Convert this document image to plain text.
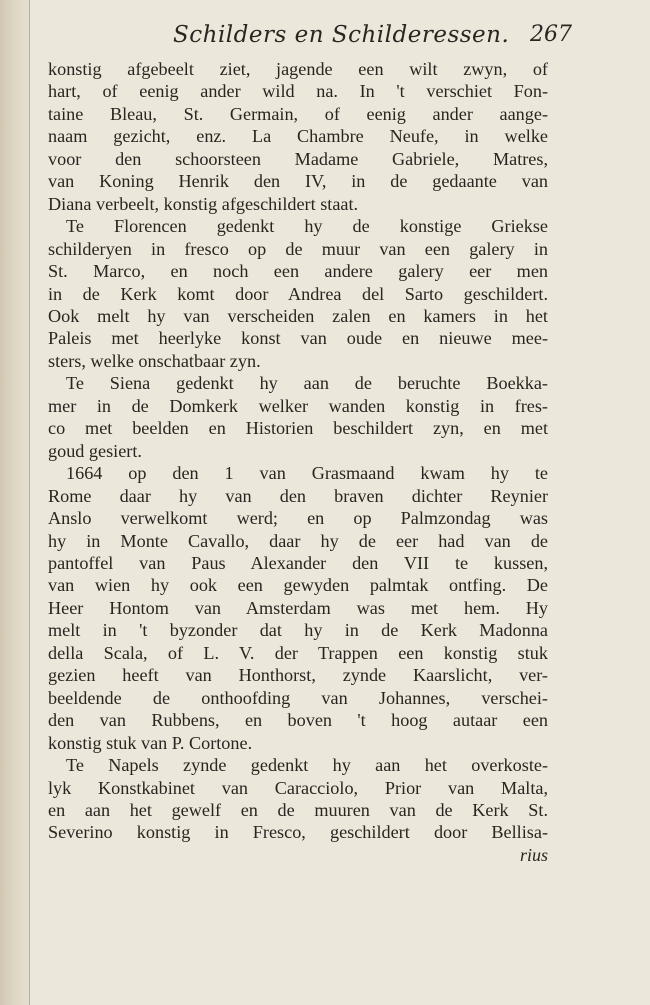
Schilders en Schilderessen. 267
konstig afgebeelt ziet, jagende een wilt zwyn, of
hart, of eenig ander wild na. In 't verschiet Fon-
taine Bleau, St. Germain, of eenig ander aange-
naam gezicht, enz. La Chambre Neufe, in welke
voor den schoorsteen Madame Gabriele, Matres,
van Koning Henrik den IV, in de gedaante van
Diana verbeelt, konstig afgeschildert staat.
Te Florencen gedenkt hy de konstige Griekse
schilderyen in fresco op de muur van een galery in
St. Marco, en noch een andere galery eer men
in de Kerk komt door Andrea del Sarto geschildert.
Ook melt hy van verscheiden zalen en kamers in het
Paleis met heerlyke konst van oude en nieuwe mee-
sters, welke onschatbaar zyn.
Te Siena gedenkt hy aan de beruchte Boekka-
mer in de Domkerk welker wanden konstig in fres-
co met beelden en Historien beschildert zyn, en met
goud gesiert.
1664 op den 1 van Grasmaand kwam hy te
Rome daar hy van den braven dichter Reynier
Anslo verwelkomt werd; en op Palmzondag was
hy in Monte Cavallo, daar hy de eer had van de
pantoffel van Paus Alexander den VII te kussen,
van wien hy ook een gewyden palmtak ontfing. De
Heer Hontom van Amsterdam was met hem. Hy
melt in 't byzonder dat hy in de Kerk Madonna
della Scala, of L. V. der Trappen een konstig stuk
gezien heeft van Honthorst, zynde Kaarslicht, ver-
beeldende de onthoofding van Johannes, verschei-
den van Rubbens, en boven 't hoog autaar een
konstig stuk van P. Cortone.
Te Napels zynde gedenkt hy aan het overkoste-
lyk Konstkabinet van Caracciolo, Prior van Malta,
en aan het gewelf en de muuren van de Kerk St.
Severino konstig in Fresco, geschildert door Bellisa-
rius
